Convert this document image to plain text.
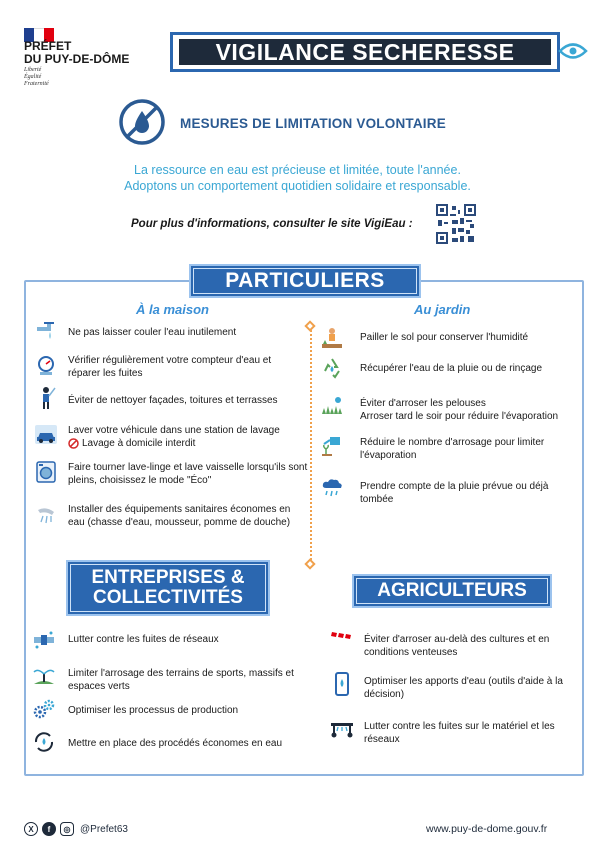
PRÉFET
DU PUY-DE-DÔME
Liberté
Égalité
Fraternité
VIGILANCE SECHERESSE
MESURES DE LIMITATION VOLONTAIRE
La ressource en eau est précieuse et limitée, toute l'année.
Adoptons un comportement quotidien solidaire et responsable.
Pour plus d'informations, consulter le site VigiEau :
PARTICULIERS
À la maison	Au jardin
Ne pas laisser couler l'eau inutilement
Vérifier régulièrement votre compteur d'eau et réparer les fuites
Éviter de nettoyer façades, toitures et terrasses
Laver votre véhicule dans une station de lavage
Lavage à domicile interdit
Faire tourner lave-linge et lave vaisselle lorsqu'ils sont pleins, choisissez le mode "Éco"
Installer des équipements sanitaires économes en eau (chasse d'eau, mousseur, pomme de douche)
Pailler le sol pour conserver l'humidité
Récupérer l'eau de la pluie ou de rinçage
Éviter d'arroser les pelouses
Arroser tard le soir pour réduire l'évaporation
Réduire le nombre d'arrosage pour limiter l'évaporation
Prendre compte de la pluie prévue ou déjà tombée
ENTREPRISES &
COLLECTIVITÉS
Lutter contre les fuites de réseaux
Limiter l'arrosage des terrains de sports, massifs et espaces verts
Optimiser les processus de production
Mettre en place des procédés économes en eau
AGRICULTEURS
Éviter d'arroser au-delà des cultures et en conditions venteuses
Optimiser les apports d'eau (outils d'aide à la décision)
Lutter contre les fuites sur le matériel et les réseaux
X	f	◎ @Prefet63	www.puy-de-dome.gouv.fr
